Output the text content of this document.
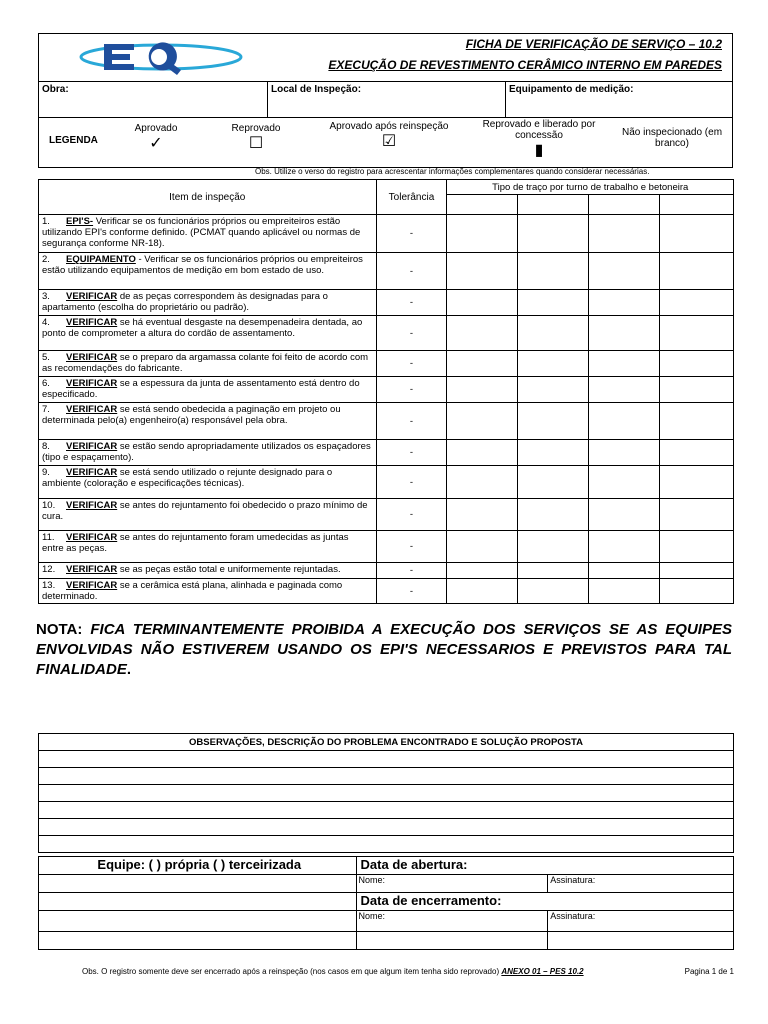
FICHA DE VERIFICAÇÃO DE SERVIÇO – 10.2
EXECUÇÃO DE REVESTIMENTO CERÂMICO INTERNO EM PAREDES
Obra:	Local de Inspeção:	Equipamento de medição:
LEGENDA
Aprovado
✓
Reprovado
☐
Aprovado após reinspeção
☑
Reprovado e liberado por concessão
▮
Não inspecionado (em branco)
Obs. Utilize o verso do registro para acrescentar informações complementares quando considerar necessárias.
Item de inspeção	Tolerância	Tipo de traço por turno de trabalho e betoneira			

1. EPI'S- Verificar se os funcionários próprios ou empreiteiros estão utilizando EPI's conforme definido. (PCMAT quando aplicável ou normas de segurança conforme NR-18).	-				
2. EQUIPAMENTO - Verificar se os funcionários próprios ou empreiteiros estão utilizando equipamentos de medição em bom estado de uso.	-				
3. VERIFICAR de as peças correspondem às designadas para o apartamento (escolha do proprietário ou padrão).	-				
4. VERIFICAR se há eventual desgaste na desempenadeira dentada, ao ponto de comprometer a altura do cordão de assentamento.	-				
5. VERIFICAR se o preparo da argamassa colante foi feito de acordo com as recomendações do fabricante.	-				
6. VERIFICAR se a espessura da junta de assentamento está dentro do especificado.	-				
7. VERIFICAR se está sendo obedecida a paginação em projeto ou determinada pelo(a) engenheiro(a) responsável pela obra.	-				
8. VERIFICAR se estão sendo apropriadamente utilizados os espaçadores (tipo e espaçamento).	-				
9. VERIFICAR se está sendo utilizado o rejunte designado para o ambiente (coloração e especificações técnicas).	-				
10. VERIFICAR se antes do rejuntamento foi obedecido o prazo mínimo de cura.	-				
11. VERIFICAR se antes do rejuntamento foram umedecidas as juntas entre as peças.	-				
12. VERIFICAR se as peças estão total e uniformemente rejuntadas.	-				
13. VERIFICAR se a cerâmica está plana, alinhada e paginada como determinado.	-				
NOTA: FICA TERMINANTEMENTE PROIBIDA A EXECUÇÃO DOS SERVIÇOS SE AS EQUIPES ENVOLVIDAS NÃO ESTIVEREM USANDO OS EPI'S NECESSARIOS E PREVISTOS PARA TAL FINALIDADE.
OBSERVAÇÕES, DESCRIÇÃO DO PROBLEMA ENCONTRADO E SOLUÇÃO PROPOSTA

Equipe: ( ) própria ( ) terceirizada	Data de abertura:	
	Nome:	Assinatura:
	Data de encerramento:	
	Nome:	Assinatura:

Obs. O registro somente deve ser encerrado após a reinspeção (nos casos em que algum item tenha sido reprovado) ANEXO 01 – PES 10.2	Pagina 1 de 1
